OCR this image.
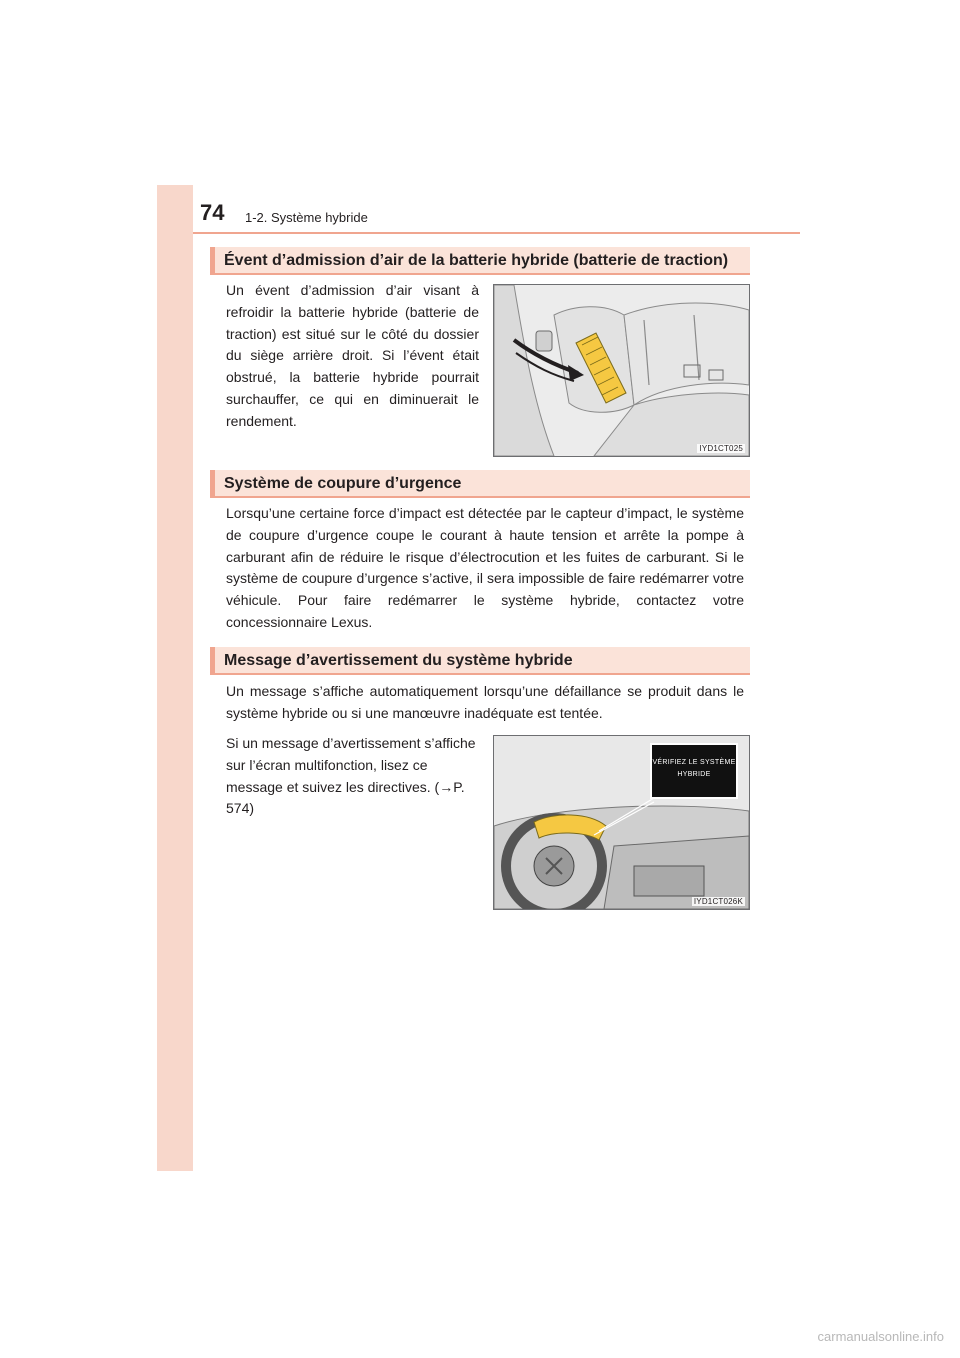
74 1-2. Système hybride

Évent d’admission d’air de la batterie hybride (batterie de traction)

Un évent d’admission d’air visant à refroidir la batterie hybride (batterie de traction) est situé sur le côté du dossier du siège arrière droit. Si l’évent était obstrué, la batterie hybride pourrait surchauffer, ce qui en diminuerait le rendement.

IYD1CT025
Système de coupure d’urgence

Lorsqu’une certaine force d’impact est détectée par le capteur d’impact, le système de coupure d’urgence coupe le courant à haute tension et arrête la pompe à carburant afin de réduire le risque d’électrocution et les fuites de carburant. Si le système de coupure d’urgence s’active, il sera impossible de faire redémarrer votre véhicule. Pour faire redémarrer le système hybride, contactez votre concessionnaire Lexus.

Message d’avertissement du système hybride

Un message s’affiche automatiquement lorsqu’une défaillance se produit dans le système hybride ou si une manœuvre inadéquate est tentée.

Si un message d’avertissement s’affiche sur l’écran multifonction, lisez ce message et suivez les directives. (→P. 574)

VÉRIFIEZ LE SYSTÈME
HYBRIDE
IYD1CT026K
carmanualsonline.info
